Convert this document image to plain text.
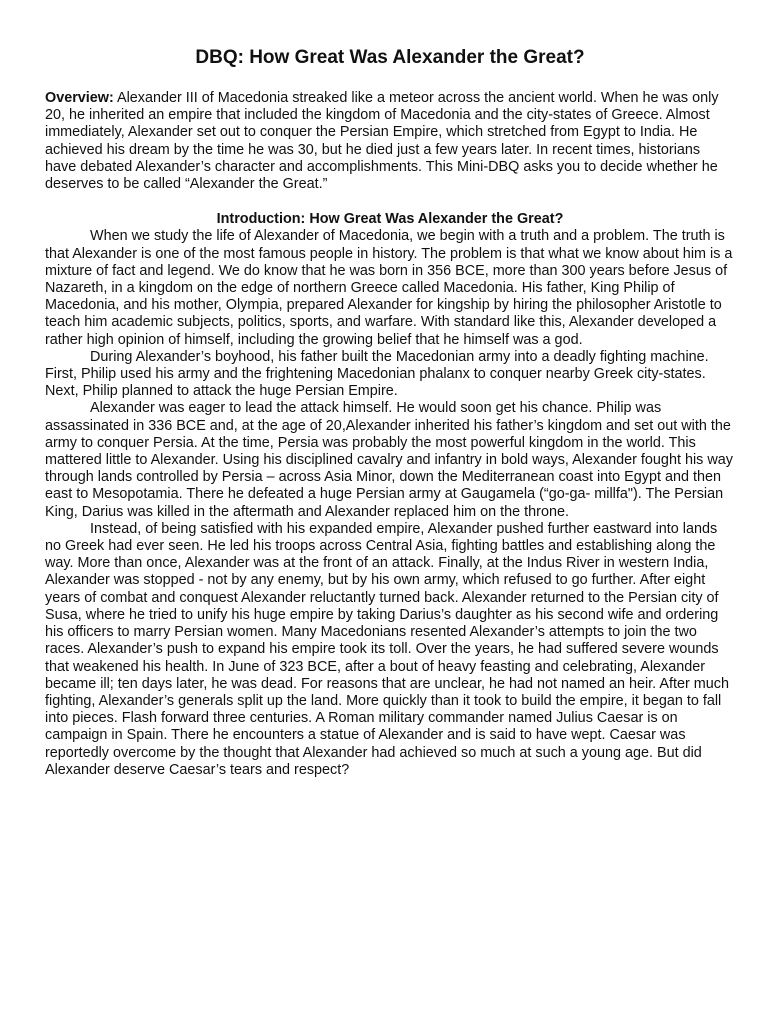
DBQ: How Great Was Alexander the Great?

Overview: Alexander III of Macedonia streaked like a meteor across the ancient world. When he was only 20, he inherited an empire that included the kingdom of Macedonia and the city-states of Greece. Almost immediately, Alexander set out to conquer the Persian Empire, which stretched from Egypt to India. He achieved his dream by the time he was 30, but he died just a few years later. In recent times, historians have debated Alexander’s character and accomplishments. This Mini-DBQ asks you to decide whether he deserves to be called “Alexander the Great.”

Introduction: How Great Was Alexander the Great?

When we study the life of Alexander of Macedonia, we begin with a truth and a problem. The truth is that Alexander is one of the most famous people in history. The problem is that what we know about him is a mixture of fact and legend. We do know that he was born in 356 BCE, more than 300 years before Jesus of Nazareth, in a kingdom on the edge of northern Greece called Macedonia. His father, King Philip of Macedonia, and his mother, Olympia, prepared Alexander for kingship by hiring the philosopher Aristotle to teach him academic subjects, politics, sports, and warfare. With standard like this, Alexander developed a rather high opinion of himself, including the growing belief that he himself was a god.

During Alexander’s boyhood, his father built the Macedonian army into a deadly fighting machine. First, Philip used his army and the frightening Macedonian phalanx to conquer nearby Greek city-states. Next, Philip planned to attack the huge Persian Empire.

Alexander was eager to lead the attack himself. He would soon get his chance. Philip was assassinated in 336 BCE and, at the age of 20,Alexander inherited his father’s kingdom and set out with the army to conquer Persia. At the time, Persia was probably the most powerful kingdom in the world. This mattered little to Alexander. Using his disciplined cavalry and infantry in bold ways, Alexander fought his way through lands controlled by Persia – across Asia Minor, down the Mediterranean coast into Egypt and then east to Mesopotamia. There he defeated a huge Persian army at Gaugamela (“go-ga- millfa"). The Persian King, Darius was killed in the aftermath and Alexander replaced him on the throne.

Instead, of being satisfied with his expanded empire, Alexander pushed further eastward into lands no Greek had ever seen. He led his troops across Central Asia, fighting battles and establishing along the way. More than once, Alexander was at the front of an attack. Finally, at the Indus River in western India, Alexander was stopped - not by any enemy, but by his own army, which refused to go further. After eight years of combat and conquest Alexander reluctantly turned back. Alexander returned to the Persian city of Susa, where he tried to unify his huge empire by taking Darius’s daughter as his second wife and ordering his officers to marry Persian women. Many Macedonians resented Alexander’s attempts to join the two races. Alexander’s push to expand his empire took its toll. Over the years, he had suffered severe wounds that weakened his health. In June of 323 BCE, after a bout of heavy feasting and celebrating, Alexander became ill; ten days later, he was dead. For reasons that are unclear, he had not named an heir. After much fighting, Alexander’s generals split up the land. More quickly than it took to build the empire, it began to fall into pieces. Flash forward three centuries. A Roman military commander named Julius Caesar is on campaign in Spain. There he encounters a statue of Alexander and is said to have wept. Caesar was reportedly overcome by the thought that Alexander had achieved so much at such a young age. But did Alexander deserve Caesar’s tears and respect?
